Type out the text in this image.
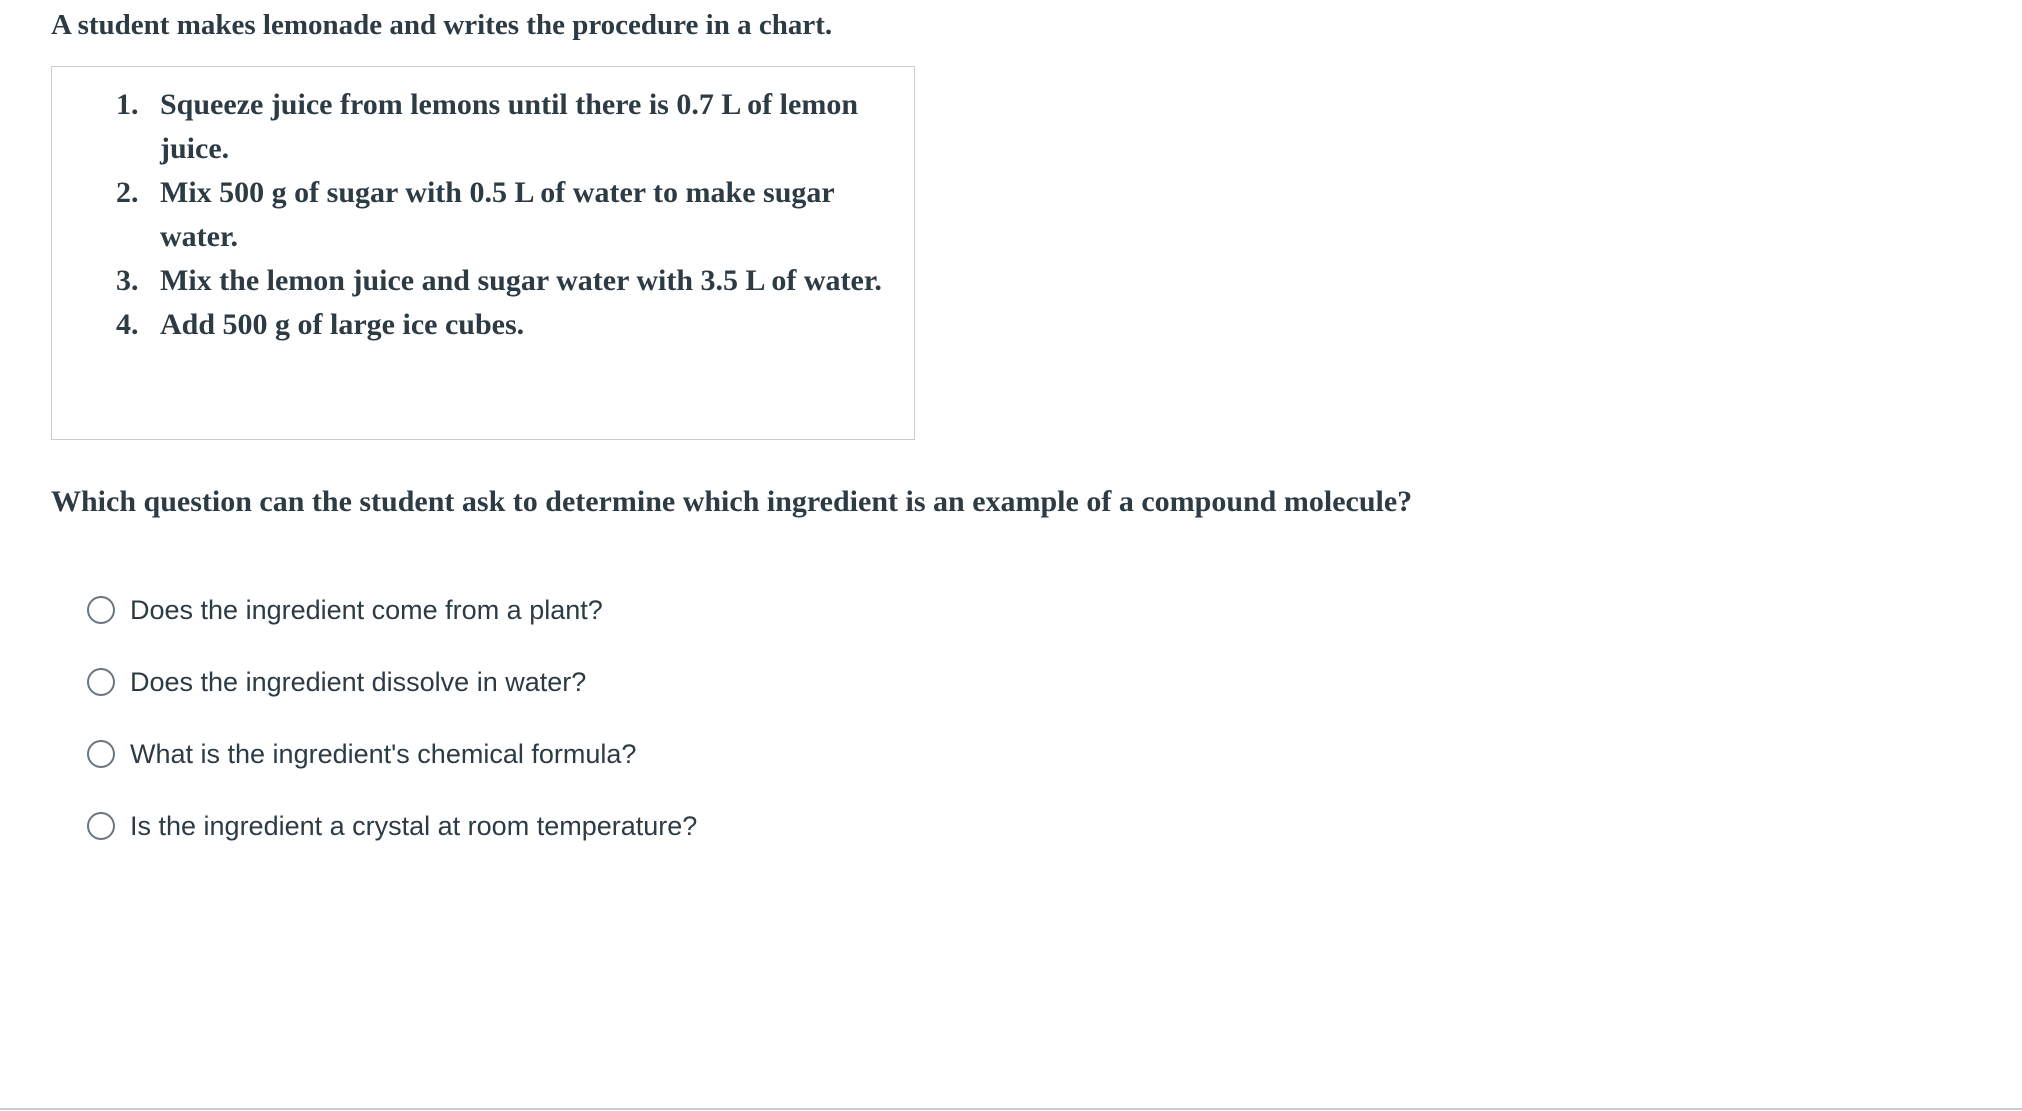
A student makes lemonade and writes the procedure in a chart.

1. Squeeze juice from lemons until there is 0.7 L of lemon juice.
2. Mix 500 g of sugar with 0.5 L of water to make sugar water.
3. Mix the lemon juice and sugar water with 3.5 L of water.
4. Add 500 g of large ice cubes.

Which question can the student ask to determine which ingredient is an example of a compound molecule?

Does the ingredient come from a plant?
Does the ingredient dissolve in water?
What is the ingredient's chemical formula?
Is the ingredient a crystal at room temperature?
